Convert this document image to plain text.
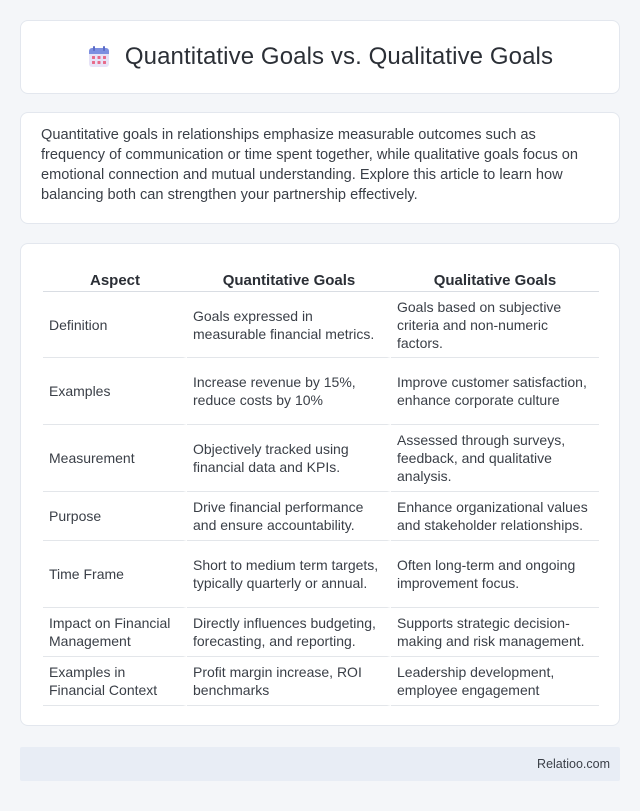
Quantitative Goals vs. Qualitative Goals

Quantitative goals in relationships emphasize measurable outcomes such as frequency of communication or time spent together, while qualitative goals focus on emotional connection and mutual understanding. Explore this article to learn how balancing both can strengthen your partnership effectively.

Aspect	Quantitative Goals	Qualitative Goals
Definition	Goals expressed in measurable financial metrics.	Goals based on subjective criteria and non-numeric factors.
Examples	Increase revenue by 15%, reduce costs by 10%	Improve customer satisfaction, enhance corporate culture
Measurement	Objectively tracked using financial data and KPIs.	Assessed through surveys, feedback, and qualitative analysis.
Purpose	Drive financial performance and ensure accountability.	Enhance organizational values and stakeholder relationships.
Time Frame	Short to medium term targets, typically quarterly or annual.	Often long-term and ongoing improvement focus.
Impact on Financial Management	Directly influences budgeting, forecasting, and reporting.	Supports strategic decision-making and risk management.
Examples in Financial Context	Profit margin increase, ROI benchmarks	Leadership development, employee engagement
Relatioo.com
